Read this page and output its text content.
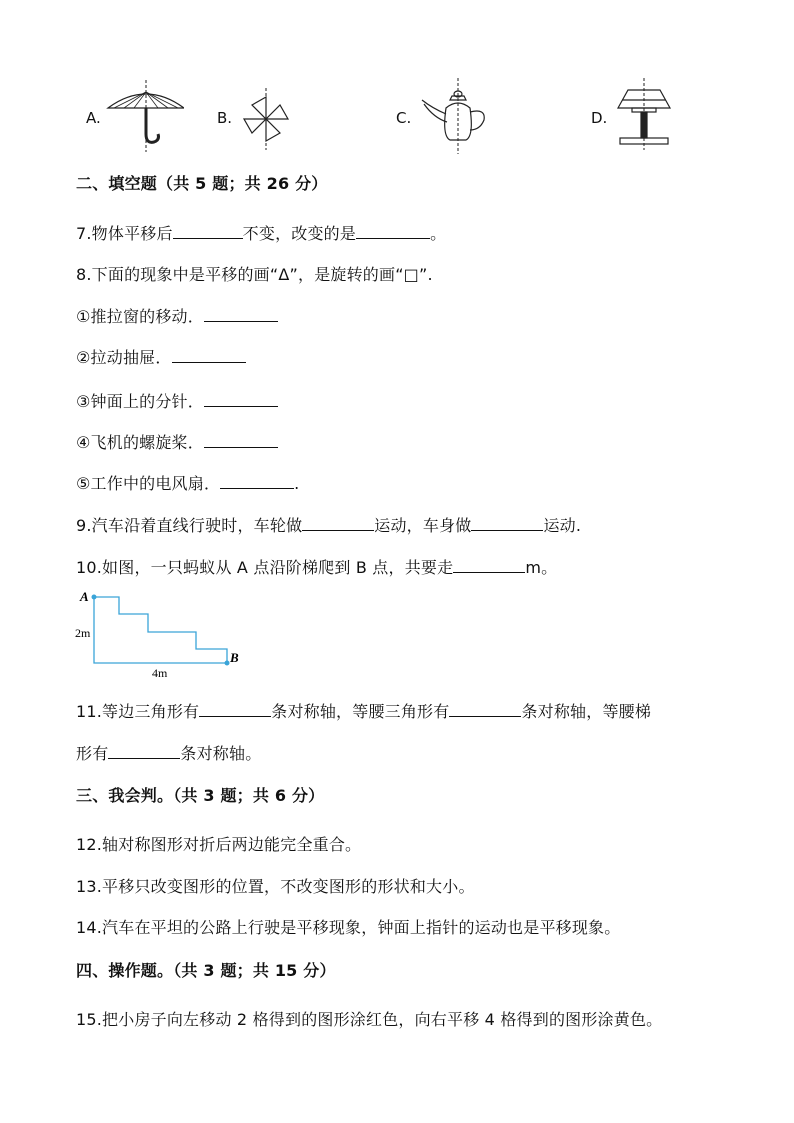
A.	B.	C.	D.
二、填空题（共 5 题；共 26 分）
7.物体平移后	不变，改变的是	。
8.下面的现象中是平移的画“Δ”，是旋转的画“□”.
①推拉窗的移动．
②拉动抽屉．
③钟面上的分针．
④飞机的螺旋桨．
⑤工作中的电风扇．	.
9.汽车沿着直线行驶时，车轮做	运动，车身做	运动.
10.如图，一只蚂蚁从 A 点沿阶梯爬到 B 点，共要走	m。
A
B
2m
4m
11.等边三角形有	条对称轴，等腰三角形有	条对称轴，等腰梯
形有	条对称轴。
三、我会判。（共 3 题；共 6 分）
12.轴对称图形对折后两边能完全重合。
13.平移只改变图形的位置，不改变图形的形状和大小。
14.汽车在平坦的公路上行驶是平移现象，钟面上指针的运动也是平移现象。
四、操作题。（共 3 题；共 15 分）
15.把小房子向左移动 2 格得到的图形涂红色，向右平移 4 格得到的图形涂黄色。
